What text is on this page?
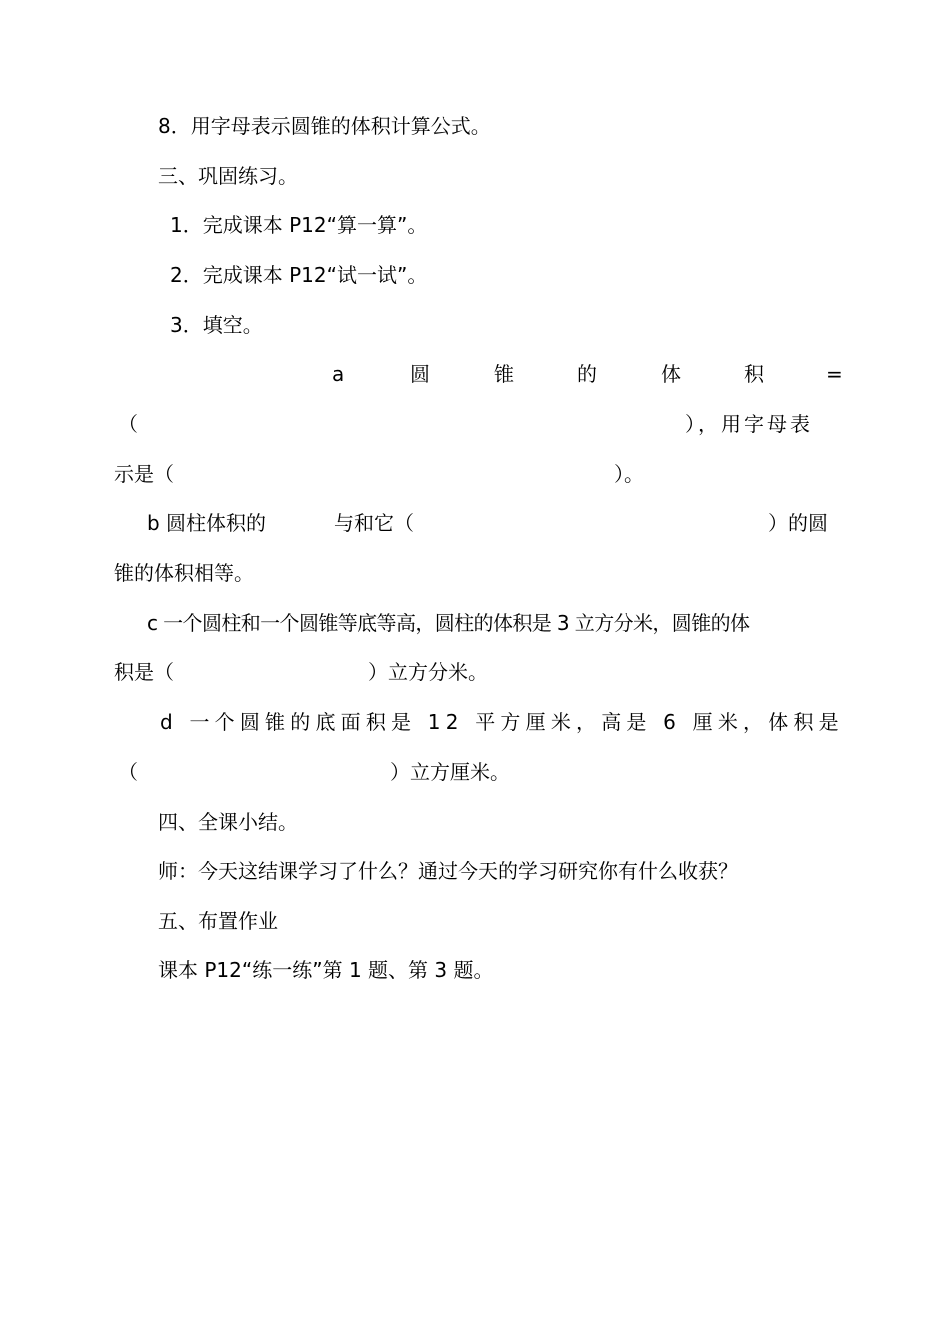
8．用字母表示圆锥的体积计算公式。
三、巩固练习。
1．完成课本 P12“算一算”。
2．完成课本 P12“试一试”。
3．填空。
a	圆	锥	的	体	积	=
（	），用字母表
示是（	）。
b 圆柱体积的	与和它（	）的圆
锥的体积相等。
c 一个圆柱和一个圆锥等底等高，圆柱的体积是 3 立方分米，圆锥的体
积是（	）立方分米。
d 一个圆锥的底面积是 12 平方厘米，高是 6 厘米，体积是
（	）立方厘米。
四、全课小结。
师：今天这结课学习了什么？通过今天的学习研究你有什么收获？
五、布置作业
课本 P12“练一练”第 1 题、第 3 题。
